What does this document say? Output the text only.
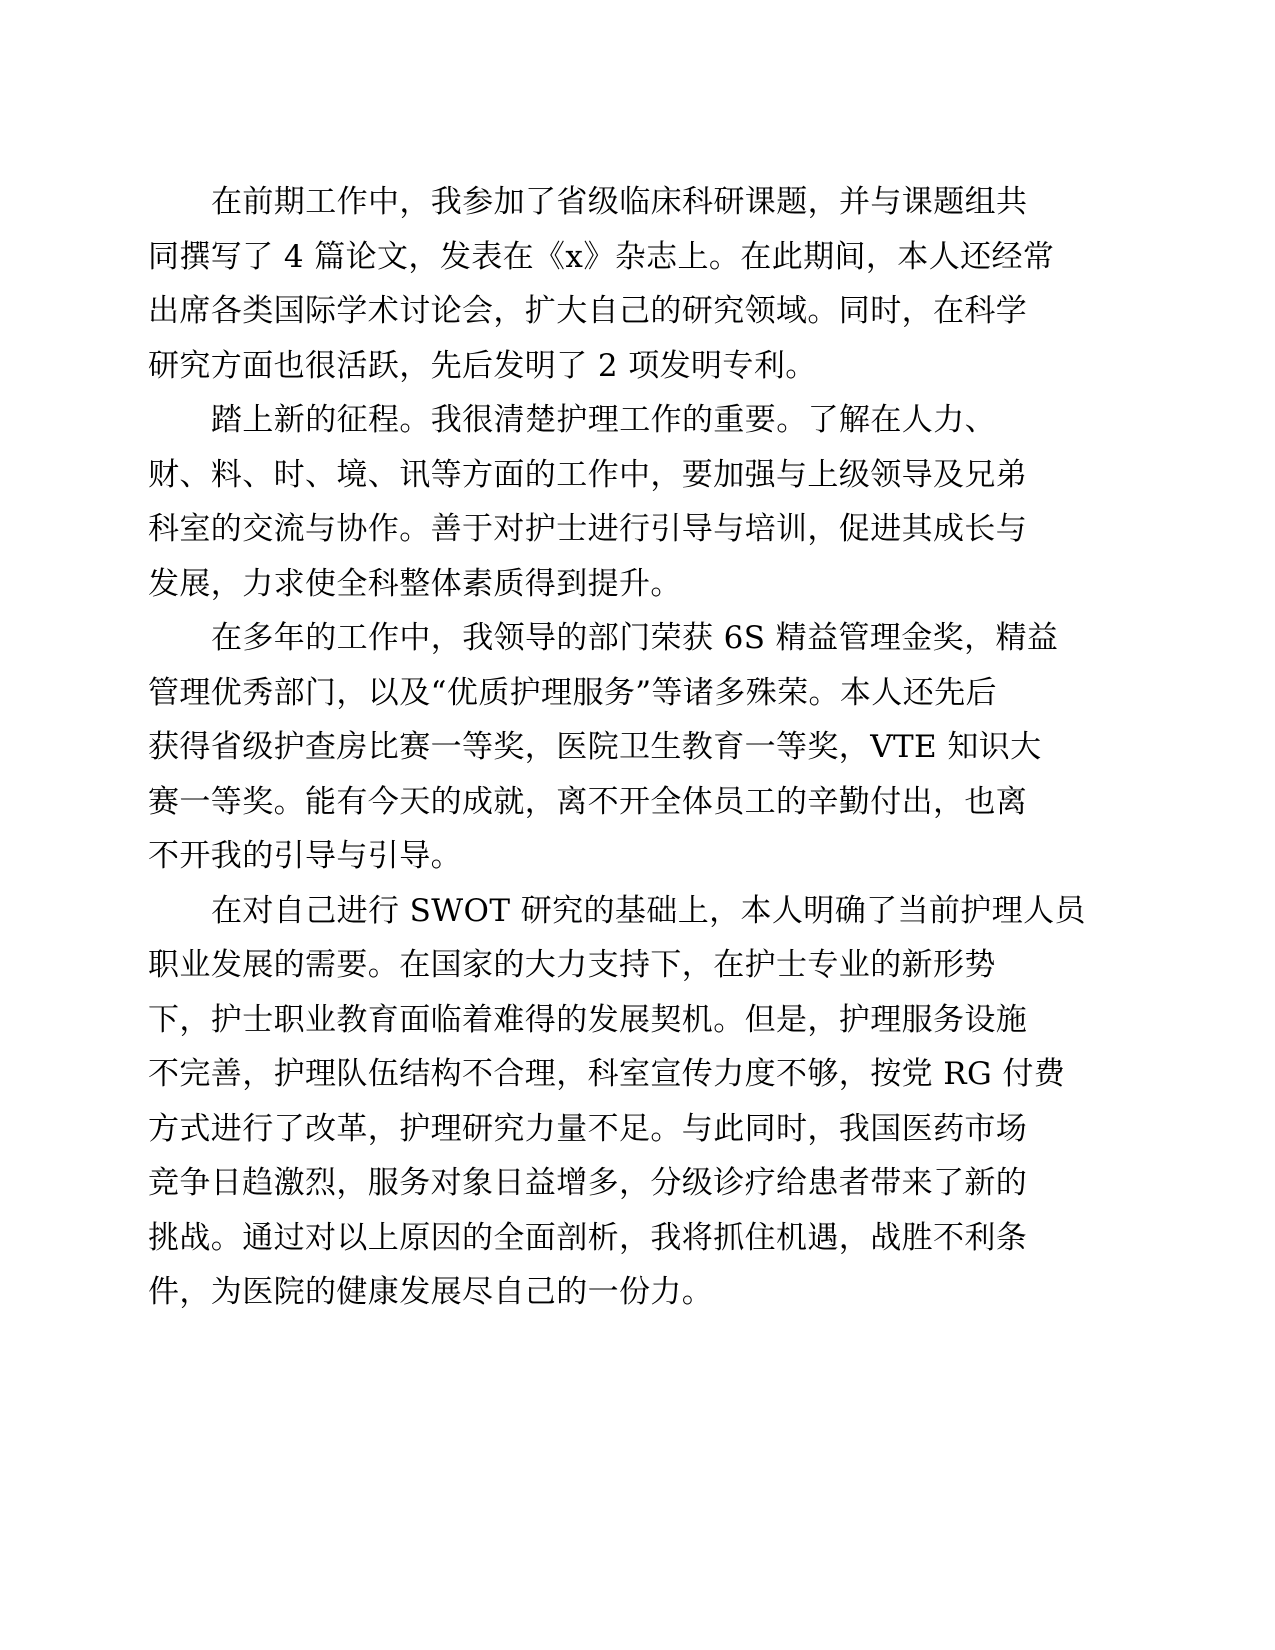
在前期工作中，我参加了省级临床科研课题，并与课题组共
同撰写了 4 篇论文，发表在《x》杂志上。在此期间，本人还经常
出席各类国际学术讨论会，扩大自己的研究领域。同时，在科学
研究方面也很活跃，先后发明了 2 项发明专利。
踏上新的征程。我很清楚护理工作的重要。了解在人力、
财、料、时、境、讯等方面的工作中，要加强与上级领导及兄弟
科室的交流与协作。善于对护士进行引导与培训，促进其成长与
发展，力求使全科整体素质得到提升。
在多年的工作中，我领导的部门荣获 6S 精益管理金奖，精益
管理优秀部门，以及“优质护理服务”等诸多殊荣。本人还先后
获得省级护查房比赛一等奖，医院卫生教育一等奖，VTE 知识大
赛一等奖。能有今天的成就，离不开全体员工的辛勤付出，也离
不开我的引导与引导。
在对自己进行 SWOT 研究的基础上，本人明确了当前护理人员
职业发展的需要。在国家的大力支持下，在护士专业的新形势
下，护士职业教育面临着难得的发展契机。但是，护理服务设施
不完善，护理队伍结构不合理，科室宣传力度不够，按党 RG 付费
方式进行了改革，护理研究力量不足。与此同时，我国医药市场
竞争日趋激烈，服务对象日益增多，分级诊疗给患者带来了新的
挑战。通过对以上原因的全面剖析，我将抓住机遇，战胜不利条
件，为医院的健康发展尽自己的一份力。
